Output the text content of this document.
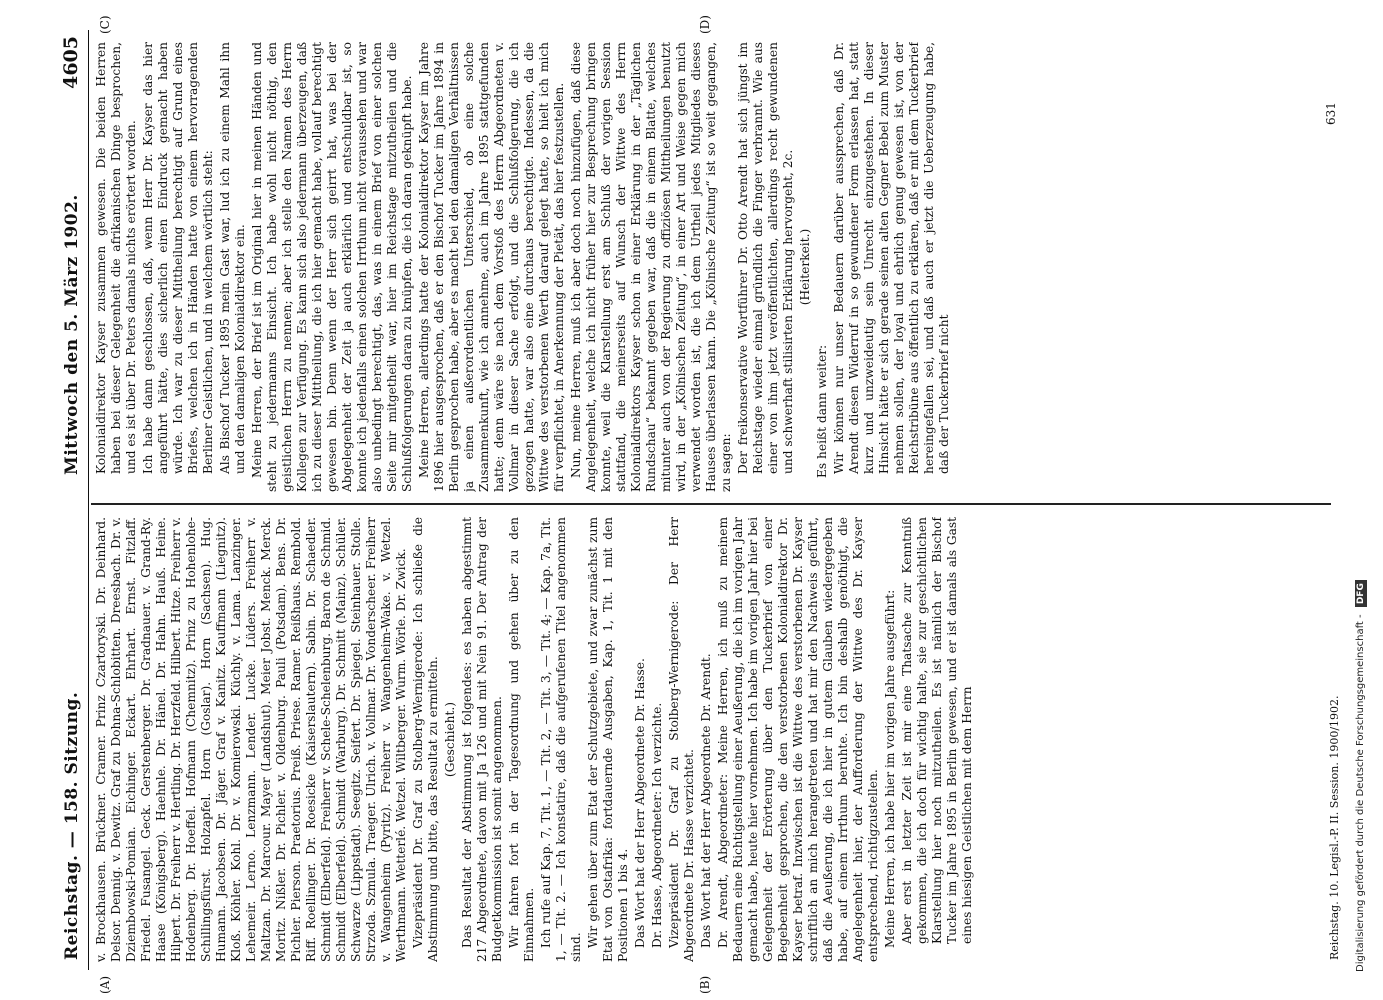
Reichstag. — 158. Sitzung.
Mittwoch den 5. März 1902.
4605
(A)	(B)
(C)	(D)

v. Brockhausen. Brückner. Cramer. Prinz Czartoryski. Dr. Deinhard. Delsor. Dennig. v. Dewitz. Graf zu Dohna-Schlobitten. Dreesbach. Dr. v. Dziembowski-Pomian. Eichinger. Eckart. Ehrhart. Ernst. Fitzlaff. Friedel. Fusangel. Geck. Gerstenberger. Dr. Gradnauer. v. Grand-Ry. Haase (Königsberg). Haehnle. Dr. Hänel. Dr. Hahn. Hauß. Heine. Hilpert. Dr. Freiherr v. Hertling. Dr. Herzfeld. Hilbert. Hitze. Freiherr v. Hodenberg. Dr. Hoeffel. Hofmann (Chemnitz). Prinz zu Hohenlohe-Schillingsfürst. Holzapfel. Horn (Goslar). Horn (Sachsen). Hug. Humann. Jacobsen. Dr. Jäger. Graf v. Kanitz. Kauffmann (Liegnitz). Kloß. Köhler. Kohl. Dr. v. Komierowski. Küchly. v. Lama. Lanzinger. Lehemeir. Lerno. Lenzmann. Lender. Lucke. Lüders. Freiherr v. Maltzan. Dr. Marcour. Mayer (Landshut). Meier Jobst. Menck. Merck. Moritz. Nißler. Dr. Pichler. v. Oldenburg. Pauli (Potsdam). Bens. Dr. Pichler. Pierson. Praetorius. Preiß. Priese. Ramer. Reißhaus. Rembold. Riff. Roellinger. Dr. Roesicke (Kaiserslautern). Sabin. Dr. Schaedler. Schmidt (Elberfeld). Freiherr v. Schele-Schelenburg. Baron de Schmid. Schmidt (Elberfeld). Schmidt (Warburg). Dr. Schmitt (Mainz). Schüler. Schwarze (Lippstadt). Seegitz. Seifert. Dr. Spiegel. Steinhauer. Stolle. Strzoda. Szmula. Traeger. Ulrich. v. Vollmar. Dr. Vonderscheer. Freiherr v. Wangenheim (Pyritz). Freiherr v. Wangenheim-Wake. v. Wetzel. Werthmann. Wetterlé. Wetzel. Wiltberger. Wurm. Wörle. Dr. Zwick. Vizepräsident Dr. Graf zu Stolberg-Wernigerode: Ich schließe die Abstimmung und bitte, das Resultat zu ermitteln. (Geschieht.) Das Resultat der Abstimmung ist folgendes: es haben abgestimmt 217 Abgeordnete, davon mit Ja 126 und mit Nein 91. Der Antrag der Budgetkommission ist somit angenommen. Wir fahren fort in der Tagesordnung und gehen über zu den Einnahmen. Ich rufe auf Kap. 7, Tit. 1, — Tit. 2, — Tit. 3, — Tit. 4; — Kap. 7a, Tit. 1, — Tit. 2. — Ich konstatire, daß die aufgerufenen Titel angenommen sind. Wir gehen über zum Etat der Schutzgebiete, und zwar zunächst zum Etat von Ostafrika: fortdauernde Ausgaben, Kap. 1, Tit. 1 mit den Positionen 1 bis 4. Das Wort hat der Herr Abgeordnete Dr. Hasse. Dr. Hasse, Abgeordneter: Ich verzichte. Vizepräsident Dr. Graf zu Stolberg-Wernigerode: Der Herr Abgeordnete Dr. Hasse verzichtet. Das Wort hat der Herr Abgeordnete Dr. Arendt. Dr. Arendt, Abgeordneter: Meine Herren, ich muß zu meinem Bedauern eine Richtigstellung einer Aeußerung, die ich im vorigen Jahr gemacht habe, heute hier vornehmen. Ich habe im vorigen Jahr hier bei Gelegenheit der Erörterung über den Tuckerbrief von einer Begebenheit gesprochen, die den verstorbenen Kolonialdirektor Dr. Kayser betraf. Inzwischen ist die Wittwe des verstorbenen Dr. Kayser schriftlich an mich herangetreten und hat mir den Nachweis geführt, daß die Aeußerung, die ich hier in gutem Glauben wiedergegeben habe, auf einem Irrthum beruhte. Ich bin deshalb genöthigt, die Angelegenheit hier, der Aufforderung der Wittwe des Dr. Kayser entsprechend, richtigzustellen. Meine Herren, ich habe hier im vorigen Jahre ausgeführt: Aber erst in letzter Zeit ist mir eine Thatsache zur Kenntniß gekommen, die ich doch für wichtig halte, sie zur geschichtlichen Klarstellung hier noch mitzutheilen. Es ist nämlich der Bischof Tucker im Jahre 1895 in Berlin gewesen, und er ist damals als Gast eines hiesigen Geistlichen mit dem Herrn

Kolonialdirektor Kayser zusammen gewesen. Die beiden Herren haben bei dieser Gelegenheit die afrikanischen Dinge besprochen, und es ist über Dr. Peters damals nichts erörtert worden. Ich habe dann geschlossen, daß, wenn Herr Dr. Kayser das hier angeführt hätte, dies sicherlich einen Eindruck gemacht haben würde. Ich war zu dieser Mittheilung berechtigt auf Grund eines Briefes, welchen ich in Händen hatte von einem hervorragenden Berliner Geistlichen, und in welchem wörtlich steht: Als Bischof Tucker 1895 mein Gast war, lud ich zu einem Mahl ihn und den damaligen Kolonialdirektor ein. Meine Herren, der Brief ist im Original hier in meinen Händen und steht zu jedermanns Einsicht. Ich habe wohl nicht nöthig, den geistlichen Herrn zu nennen; aber ich stelle den Namen des Herrn Kollegen zur Verfügung. Es kann sich also jedermann überzeugen, daß ich zu dieser Mittheilung, die ich hier gemacht habe, vollauf berechtigt gewesen bin. Denn wenn der Herr sich geirrt hat, was bei der Abgelegenheit der Zeit ja auch erklärlich und entschuldbar ist, so konnte ich jedenfalls einen solchen Irrthum nicht voraussehen und war also unbedingt berechtigt, das, was in einem Brief von einer solchen Seite mir mitgetheilt war, hier im Reichstage mitzutheilen und die Schlußfolgerungen daran zu knüpfen, die ich daran geknüpft habe. Meine Herren, allerdings hatte der Kolonialdirektor Kayser im Jahre 1896 hier ausgesprochen, daß er den Bischof Tucker im Jahre 1894 in Berlin gesprochen habe, aber es macht bei den damaligen Verhältnissen ja einen außerordentlichen Unterschied, ob eine solche Zusammenkunft, wie ich annehme, auch im Jahre 1895 stattgefunden hatte; denn wäre sie nach dem Vorstoß des Herrn Abgeordneten v. Vollmar in dieser Sache erfolgt, und die Schlußfolgerung, die ich gezogen hatte, war also eine durchaus berechtigte. Indessen, da die Wittwe des verstorbenen Werth darauf gelegt hatte, so hielt ich mich für verpflichtet, in Anerkennung der Pietät, das hier festzustellen. Nun, meine Herren, muß ich aber doch noch hinzufügen, daß diese Angelegenheit, welche ich nicht früher hier zur Besprechung bringen konnte, weil die Klarstellung erst am Schluß der vorigen Session stattfand, die meinerseits auf Wunsch der Wittwe des Herrn Kolonialdirektors Kayser schon in einer Erklärung in der „Täglichen Rundschau“ bekannt gegeben war, daß die in einem Blatte, welches mitunter auch von der Regierung zu offiziösen Mittheilungen benutzt wird, in der „Kölnischen Zeitung“, in einer Art und Weise gegen mich verwendet worden ist, die ich dem Urtheil jedes Mitgliedes dieses Hauses überlassen kann. Die „Kölnische Zeitung“ ist so weit gegangen, zu sagen: Der freikonservative Wortführer Dr. Otto Arendt hat sich jüngst im Reichstage wieder einmal gründlich die Finger verbrannt. Wie aus einer von ihm jetzt veröffentlichten, allerdings recht gewundenen und schwerhaft stilisirten Erklärung hervorgeht, 2c. (Heiterkeit.)

Es heißt dann weiter: Wir können nur unser Bedauern darüber aussprechen, daß Dr. Arendt diesen Widerruf in so gewundener Form erlassen hat, statt kurz und unzweideutig sein Unrecht einzugestehen. In dieser Hinsicht hätte er sich gerade seinen alten Gegner Bebel zum Muster nehmen sollen, der loyal und ehrlich genug gewesen ist, von der Reichstribüne aus öffentlich zu erklären, daß er mit dem Tuckerbrief hereingefallen sei, und daß auch er jetzt die Ueberzeugung habe, daß der Tuckerbrief nicht

Reichstag. 10. Legisl.-P. II. Session. 1900/1902.
631
Digitalisierung gefördert durch die Deutsche Forschungsgemeinschaft - DFG
